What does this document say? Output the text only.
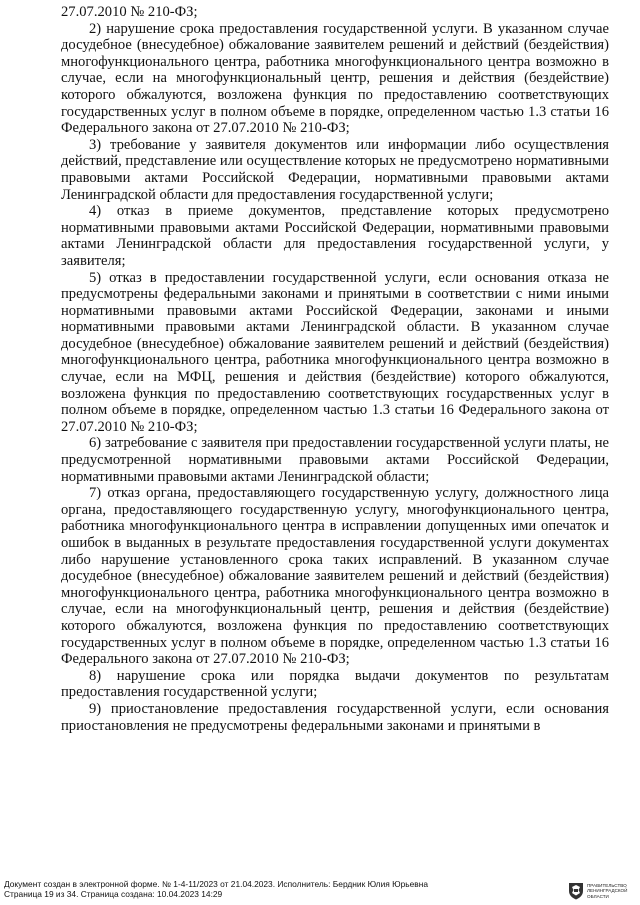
27.07.2010 № 210-ФЗ;

2) нарушение срока предоставления государственной услуги. В указанном случае досудебное (внесудебное) обжалование заявителем решений и действий (бездействия) многофункционального центра, работника многофункционального центра возможно в случае, если на многофункциональный центр, решения и действия (бездействие) которого обжалуются, возложена функция по предоставлению соответствующих государственных услуг в полном объеме в порядке, определенном частью 1.3 статьи 16 Федерального закона от 27.07.2010 № 210-ФЗ;

3) требование у заявителя документов или информации либо осуществления действий, представление или осуществление которых не предусмотрено нормативными правовыми актами Российской Федерации, нормативными правовыми актами Ленинградской области для предоставления государственной услуги;

4) отказ в приеме документов, представление которых предусмотрено нормативными правовыми актами Российской Федерации, нормативными правовыми актами Ленинградской области для предоставления государственной услуги, у заявителя;

5) отказ в предоставлении государственной услуги, если основания отказа не предусмотрены федеральными законами и принятыми в соответствии с ними иными нормативными правовыми актами Российской Федерации, законами и иными нормативными правовыми актами Ленинградской области. В указанном случае досудебное (внесудебное) обжалование заявителем решений и действий (бездействия) многофункционального центра, работника многофункционального центра возможно в случае, если на МФЦ, решения и действия (бездействие) которого обжалуются, возложена функция по предоставлению соответствующих государственных услуг в полном объеме в порядке, определенном частью 1.3 статьи 16 Федерального закона от 27.07.2010 № 210-ФЗ;

6) затребование с заявителя при предоставлении государственной услуги платы, не предусмотренной нормативными правовыми актами Российской Федерации, нормативными правовыми актами Ленинградской области;

7) отказ органа, предоставляющего государственную услугу, должностного лица органа, предоставляющего государственную услугу, многофункционального центра, работника многофункционального центра в исправлении допущенных ими опечаток и ошибок в выданных в результате предоставления государственной услуги документах либо нарушение установленного срока таких исправлений. В указанном случае досудебное (внесудебное) обжалование заявителем решений и действий (бездействия) многофункционального центра, работника многофункционального центра возможно в случае, если на многофункциональный центр, решения и действия (бездействие) которого обжалуются, возложена функция по предоставлению соответствующих государственных услуг в полном объеме в порядке, определенном частью 1.3 статьи 16 Федерального закона от 27.07.2010 № 210-ФЗ;

8) нарушение срока или порядка выдачи документов по результатам предоставления государственной услуги;

9) приостановление предоставления государственной услуги, если основания приостановления не предусмотрены федеральными законами и принятыми в

Документ создан в электронной форме. № 1-4-11/2023 от 21.04.2023. Исполнитель: Бердник Юлия Юрьевна
Страница 19 из 34. Страница создана: 10.04.2023 14:29
ПРАВИТЕЛЬСТВО
ЛЕНИНГРАДСКОЙ
ОБЛАСТИ
